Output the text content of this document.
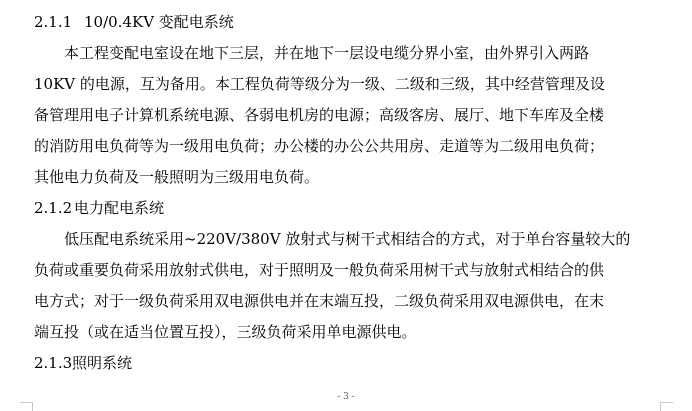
2.1.1 10/0.4KV 变配电系统
本工程变配电室设在地下三层，并在地下一层设电缆分界小室，由外界引入两路
10KV 的电源，互为备用。本工程负荷等级分为一级、二级和三级，其中经营管理及设
备管理用电子计算机系统电源、各弱电机房的电源；高级客房、展厅、地下车库及全楼
的消防用电负荷等为一级用电负荷；办公楼的办公公共用房、走道等为二级用电负荷；
其他电力负荷及一般照明为三级用电负荷。
2.1.2 电力配电系统
低压配电系统采用~220V/380V 放射式与树干式相结合的方式，对于单台容量较大的
负荷或重要负荷采用放射式供电，对于照明及一般负荷采用树干式与放射式相结合的供
电方式；对于一级负荷采用双电源供电并在末端互投，二级负荷采用双电源供电，在末
端互投（或在适当位置互投），三级负荷采用单电源供电。
2.1.3照明系统
- 3 -
